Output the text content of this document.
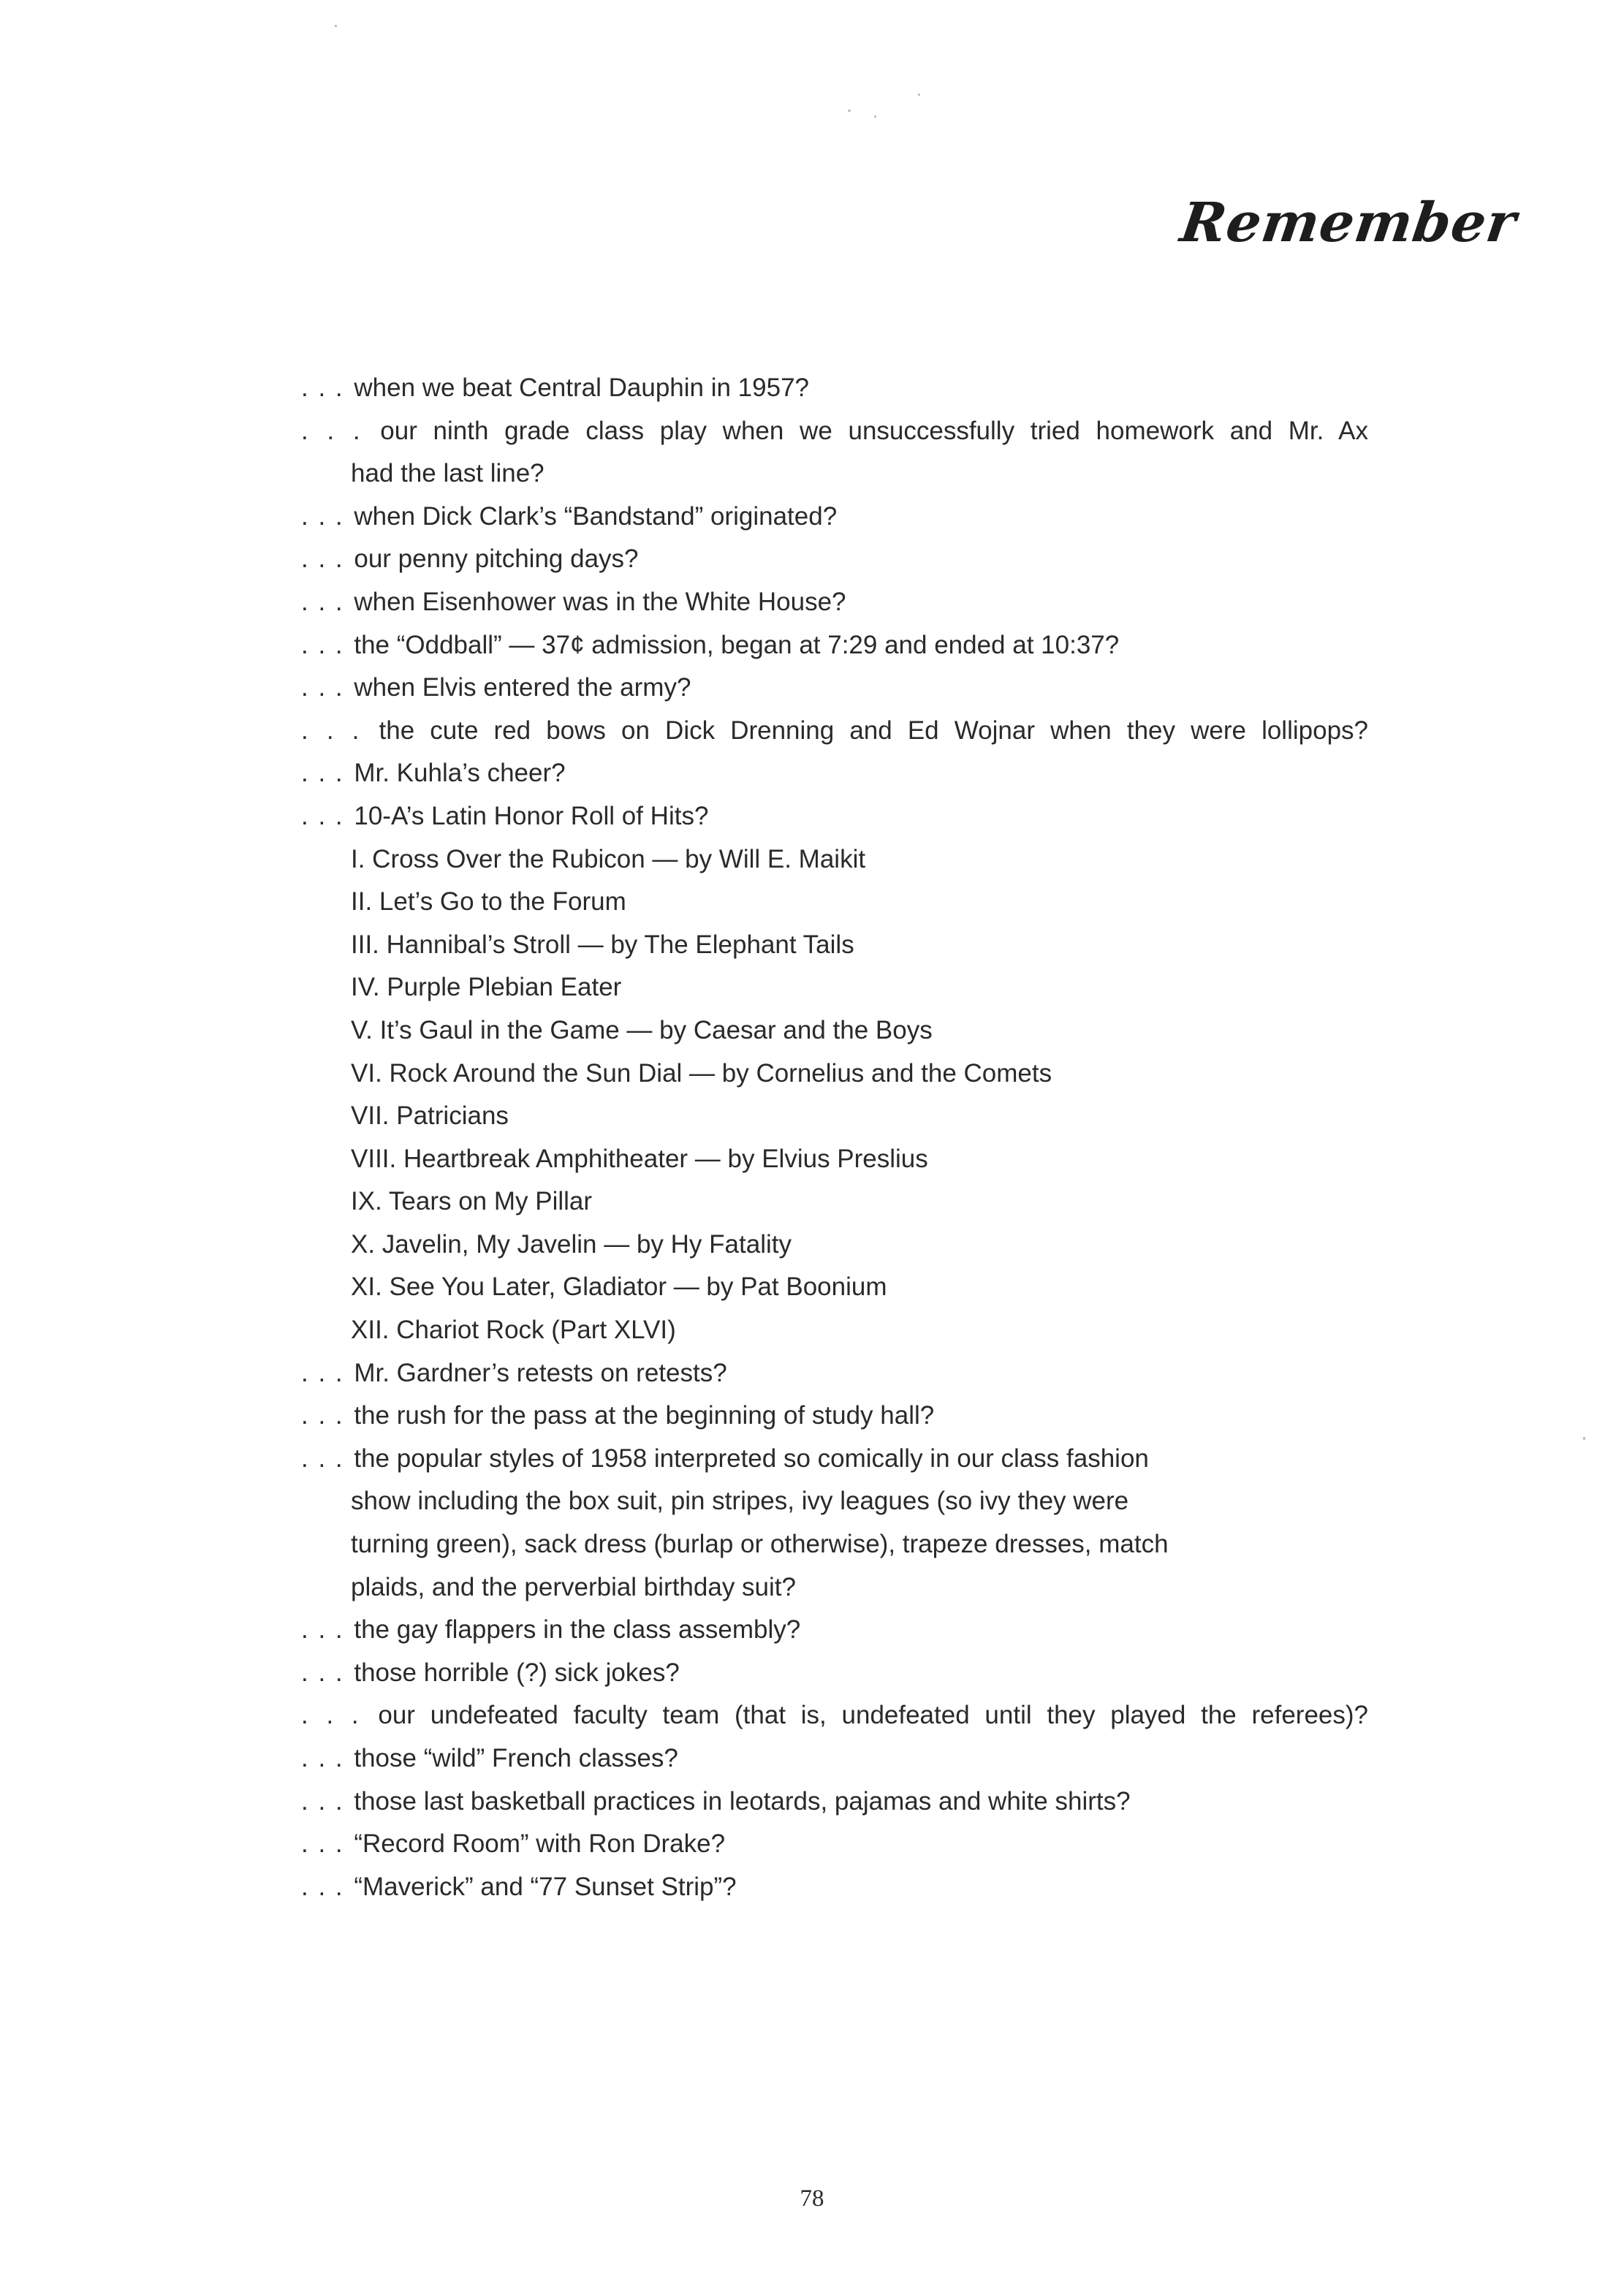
Remember
. . . when we beat Central Dauphin in 1957?
. . . our ninth grade class play when we unsuccessfully tried homework and Mr. Ax
had the last line?
. . . when Dick Clark’s “Bandstand” originated?
. . . our penny pitching days?
. . . when Eisenhower was in the White House?
. . . the “Oddball” — 37¢ admission, began at 7:29 and ended at 10:37?
. . . when Elvis entered the army?
. . . the cute red bows on Dick Drenning and Ed Wojnar when they were lollipops?
. . . Mr. Kuhla’s cheer?
. . . 10-A’s Latin Honor Roll of Hits?
I. Cross Over the Rubicon — by Will E. Maikit
II. Let’s Go to the Forum
III. Hannibal’s Stroll — by The Elephant Tails
IV. Purple Plebian Eater
V. It’s Gaul in the Game — by Caesar and the Boys
VI. Rock Around the Sun Dial — by Cornelius and the Comets
VII. Patricians
VIII. Heartbreak Amphitheater — by Elvius Preslius
IX. Tears on My Pillar
X. Javelin, My Javelin — by Hy Fatality
XI. See You Later, Gladiator — by Pat Boonium
XII. Chariot Rock (Part XLVI)
. . . Mr. Gardner’s retests on retests?
. . . the rush for the pass at the beginning of study hall?
. . . the popular styles of 1958 interpreted so comically in our class fashion
show including the box suit, pin stripes, ivy leagues (so ivy they were
turning green), sack dress (burlap or otherwise), trapeze dresses, match
plaids, and the perverbial birthday suit?
. . . the gay flappers in the class assembly?
. . . those horrible (?) sick jokes?
. . . our undefeated faculty team (that is, undefeated until they played the referees)?
. . . those “wild” French classes?
. . . those last basketball practices in leotards, pajamas and white shirts?
. . . “Record Room” with Ron Drake?
. . . “Maverick” and “77 Sunset Strip”?
78
